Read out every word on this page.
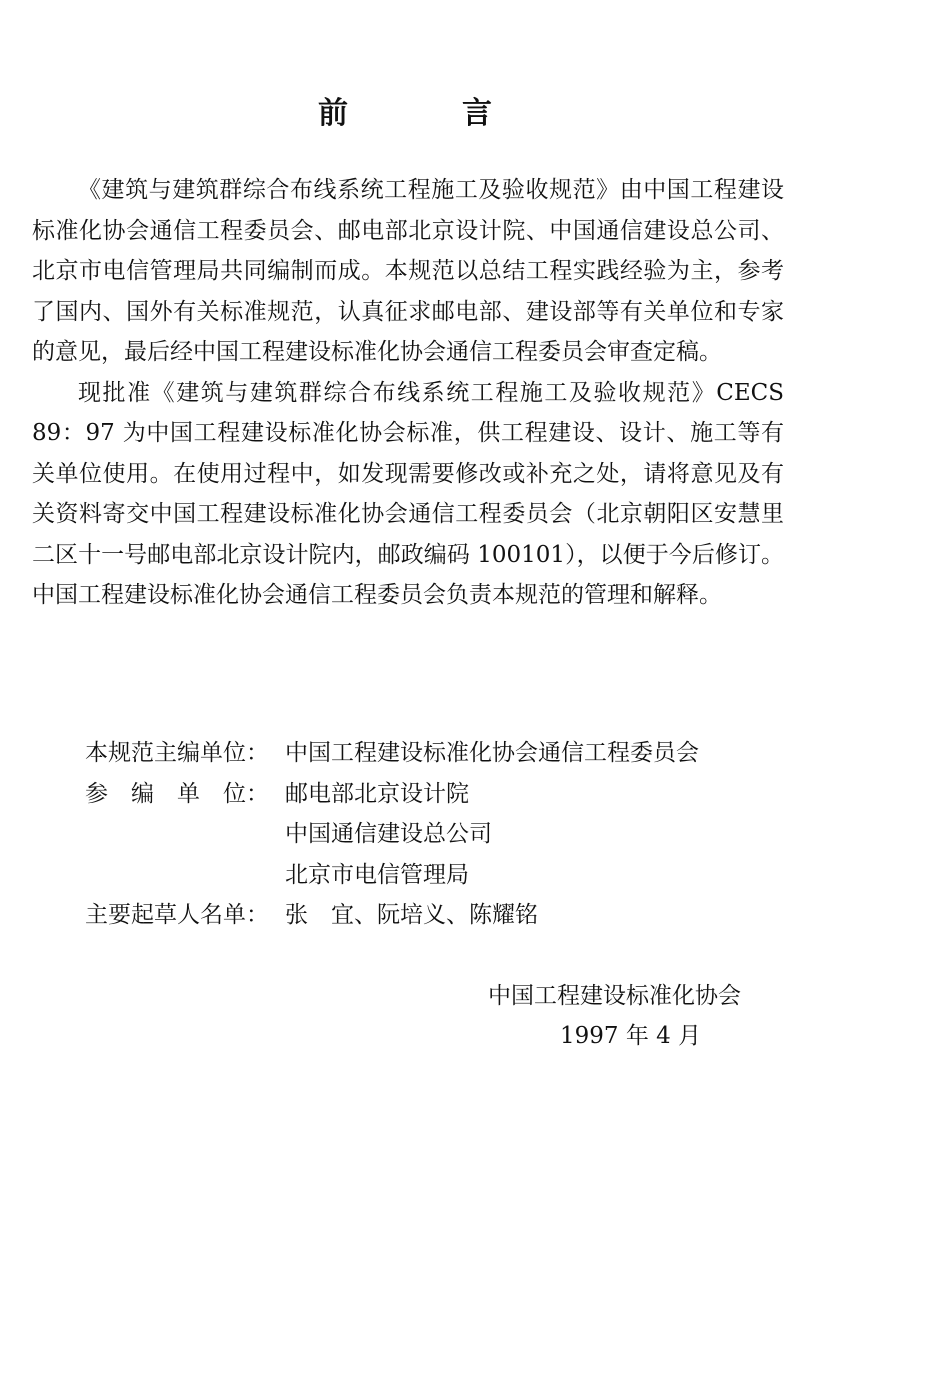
前	言

《建筑与建筑群综合布线系统工程施工及验收规范》由中国工程建设标准化协会通信工程委员会、邮电部北京设计院、中国通信建设总公司、北京市电信管理局共同编制而成。本规范以总结工程实践经验为主，参考了国内、国外有关标准规范，认真征求邮电部、建设部等有关单位和专家的意见，最后经中国工程建设标准化协会通信工程委员会审查定稿。

现批准《建筑与建筑群综合布线系统工程施工及验收规范》CECS 89：97 为中国工程建设标准化协会标准，供工程建设、设计、施工等有关单位使用。在使用过程中，如发现需要修改或补充之处，请将意见及有关资料寄交中国工程建设标准化协会通信工程委员会（北京朝阳区安慧里二区十一号邮电部北京设计院内，邮政编码 100101），以便于今后修订。中国工程建设标准化协会通信工程委员会负责本规范的管理和解释。

本规范主编单位： 中国工程建设标准化协会通信工程委员会
参　编　单　位： 邮电部北京设计院
中国通信建设总公司
北京市电信管理局
主要起草人名单： 张　宜、阮培义、陈耀铭
中国工程建设标准化协会
1997 年 4 月
